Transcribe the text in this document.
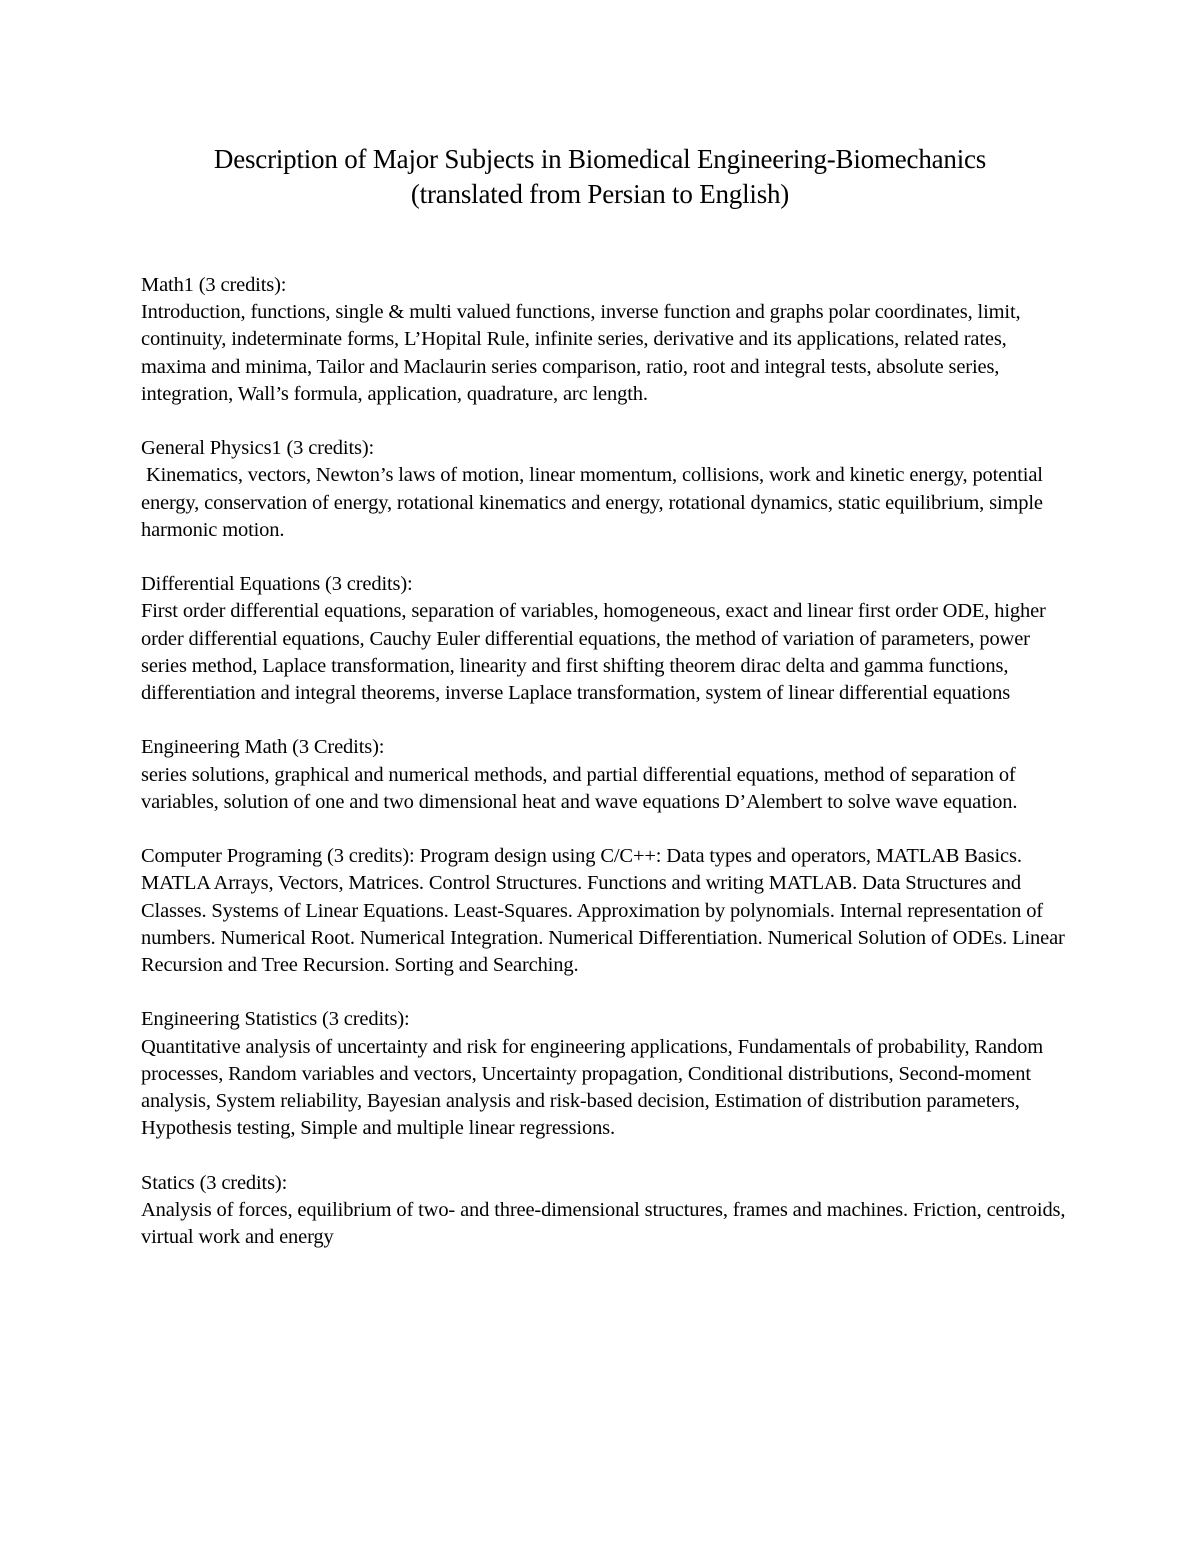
Description of Major Subjects in Biomedical Engineering-Biomechanics
(translated from Persian to English)
Math1 (3 credits):
Introduction, functions, single & multi valued functions, inverse function and graphs polar coordinates, limit, continuity, indeterminate forms, L’Hopital Rule, infinite series, derivative and its applications, related rates, maxima and minima, Tailor and Maclaurin series comparison, ratio, root and integral tests, absolute series, integration, Wall’s formula, application, quadrature, arc length.
General Physics1 (3 credits):
Kinematics, vectors, Newton’s laws of motion, linear momentum, collisions, work and kinetic energy, potential energy, conservation of energy, rotational kinematics and energy, rotational dynamics, static equilibrium, simple harmonic motion.
Differential Equations (3 credits):
First order differential equations, separation of variables, homogeneous, exact and linear first order ODE, higher order differential equations, Cauchy Euler differential equations, the method of variation of parameters, power series method, Laplace transformation, linearity and first shifting theorem dirac delta and gamma functions, differentiation and integral theorems, inverse Laplace transformation, system of linear differential equations
Engineering Math (3 Credits):
series solutions, graphical and numerical methods, and partial differential equations, method of separation of variables, solution of one and two dimensional heat and wave equations D’Alembert to solve wave equation.
Computer Programing (3 credits): Program design using C/C++: Data types and operators, MATLAB Basics. MATLA Arrays, Vectors, Matrices. Control Structures. Functions and writing MATLAB. Data Structures and Classes. Systems of Linear Equations. Least-Squares. Approximation by polynomials. Internal representation of numbers. Numerical Root. Numerical Integration. Numerical Differentiation. Numerical Solution of ODEs. Linear Recursion and Tree Recursion. Sorting and Searching.
Engineering Statistics (3 credits):
Quantitative analysis of uncertainty and risk for engineering applications, Fundamentals of probability, Random processes, Random variables and vectors, Uncertainty propagation, Conditional distributions, Second-moment analysis, System reliability, Bayesian analysis and risk-based decision, Estimation of distribution parameters, Hypothesis testing, Simple and multiple linear regressions.
Statics (3 credits):
Analysis of forces, equilibrium of two- and three-dimensional structures, frames and machines. Friction, centroids, virtual work and energy
